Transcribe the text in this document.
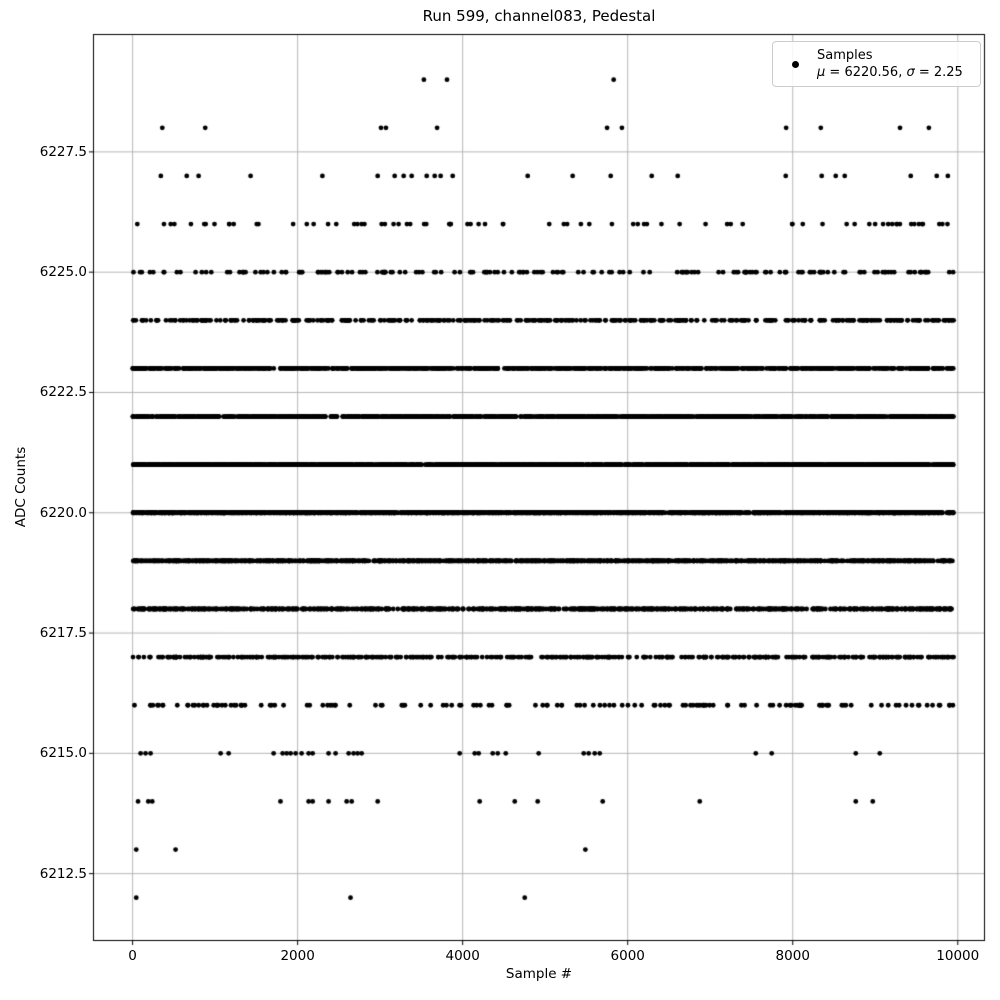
Run 599, channel083, Pedestal
Sample #
ADC Counts
0	2000	4000	6000	8000	10000
6212.5
6215.0
6217.5
6220.0
6222.5
6225.0
6227.5
Samples
μ = 6220.56, σ = 2.25
